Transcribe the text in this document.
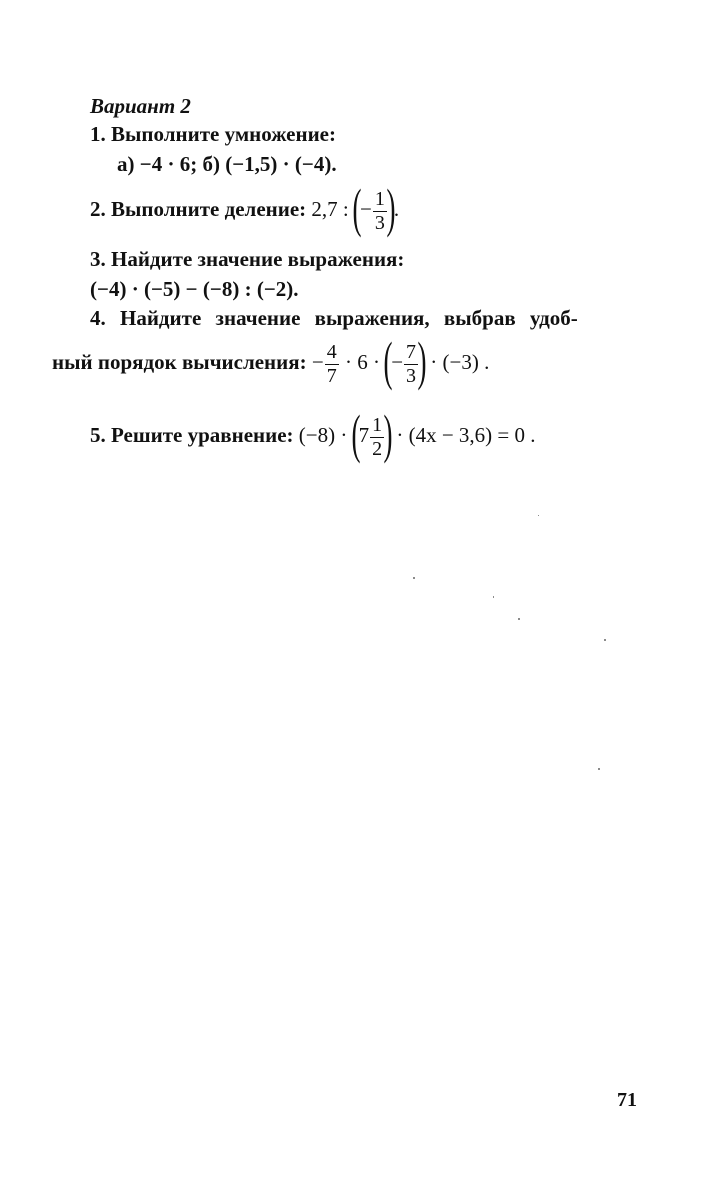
Вариант 2
1. Выполните умножение:
а) −4 · 6; б) (−1,5) · (−4).
2. Выполните деление: 2,7 : (− $\frac{1}{3}$ ).
3. Найдите значение выражения:
(−4) · (−5) − (−8) : (−2).
4. Найдите значение выражения, выбрав удоб-
ный порядок вычисления: − $\frac{4}{7} \cdot 6$ · (− $\frac{7}{3}$ ) · (−3) .
5. Решите уравнение: $(-8) \cdot (7 \frac{1}{2}$ ) · (4x − 3,6) = 0 .
71
